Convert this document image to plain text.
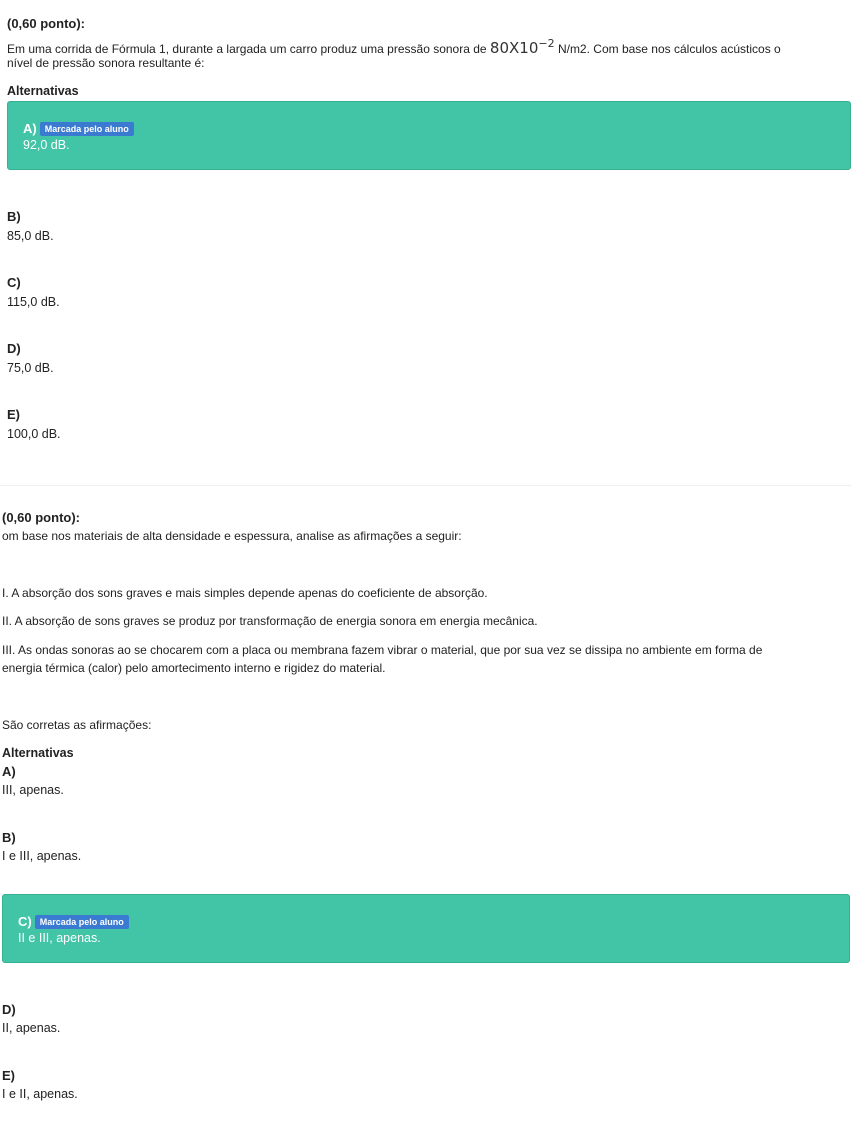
(0,60 ponto):
Em uma corrida de Fórmula 1, durante a largada um carro produz uma pressão sonora de $80X10^{-2}$ N/m2. Com base nos cálculos acústicos o
nível de pressão sonora resultante é:
Alternativas
A) Marcada pelo aluno
92,0 dB.
B)
85,0 dB.
C)
115,0 dB.
D)
75,0 dB.
E)
100,0 dB.
(0,60 ponto):
om base nos materiais de alta densidade e espessura, analise as afirmações a seguir:
I. A absorção dos sons graves e mais simples depende apenas do coeficiente de absorção.
II. A absorção de sons graves se produz por transformação de energia sonora em energia mecânica.
III. As ondas sonoras ao se chocarem com a placa ou membrana fazem vibrar o material, que por sua vez se dissipa no ambiente em forma de
energia térmica (calor) pelo amortecimento interno e rigidez do material.
São corretas as afirmações:
Alternativas
A)
III, apenas.
B)
I e III, apenas.
C) Marcada pelo aluno
II e III, apenas.
D)
II, apenas.
E)
I e II, apenas.
